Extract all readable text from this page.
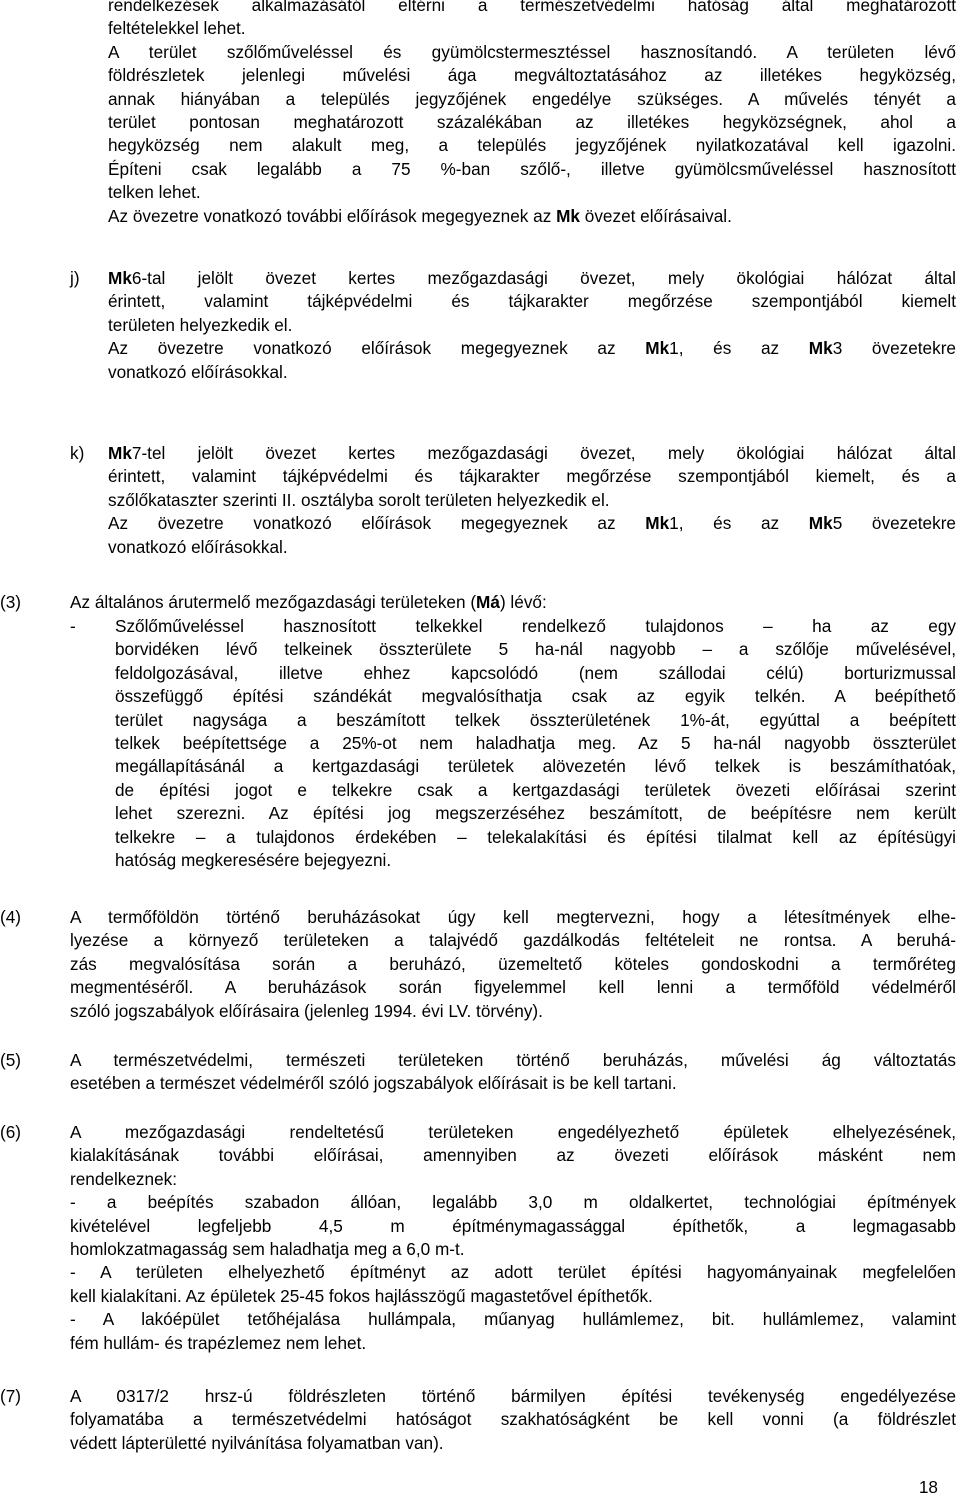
rendelkezések alkalmazásától eltérni a természetvédelmi hatóság által meghatározott
feltételekkel lehet.
A terület szőlőműveléssel és gyümölcstermesztéssel hasznosítandó. A területen lévő
földrészletek jelenlegi művelési ága megváltoztatásához az illetékes hegyközség,
annak hiányában a település jegyzőjének engedélye szükséges. A művelés tényét a
terület pontosan meghatározott százalékában az illetékes hegyközségnek, ahol a
hegyközség nem alakult meg, a település jegyzőjének nyilatkozatával kell igazolni.
Építeni csak legalább a 75 %-ban szőlő-, illetve gyümölcsműveléssel hasznosított
telken lehet.
Az övezetre vonatkozó további előírások megegyeznek az Mk övezet előírásaival.
j) Mk6-tal jelölt övezet kertes mezőgazdasági övezet, mely ökológiai hálózat által
érintett, valamint tájképvédelmi és tájkarakter megőrzése szempontjából kiemelt
területen helyezkedik el.
Az övezetre vonatkozó előírások megegyeznek az Mk1, és az Mk3 övezetekre
vonatkozó előírásokkal.
k) Mk7-tel jelölt övezet kertes mezőgazdasági övezet, mely ökológiai hálózat által
érintett, valamint tájképvédelmi és tájkarakter megőrzése szempontjából kiemelt, és a
szőlőkataszter szerinti II. osztályba sorolt területen helyezkedik el.
Az övezetre vonatkozó előírások megegyeznek az Mk1, és az Mk5 övezetekre
vonatkozó előírásokkal.
(3)	Az általános árutermelő mezőgazdasági területeken (Má) lévő:
- Szőlőműveléssel hasznosított telkekkel rendelkező tulajdonos – ha az egy
borvidéken lévő telkeinek összterülete 5 ha-nál nagyobb – a szőlője művelésével,
feldolgozásával, illetve ehhez kapcsolódó (nem szállodai célú) borturizmussal
összefüggő építési szándékát megvalósíthatja csak az egyik telkén. A beépíthető
terület nagysága a beszámított telkek összterületének 1%-át, egyúttal a beépített
telkek beépítettsége a 25%-ot nem haladhatja meg. Az 5 ha-nál nagyobb összterület
megállapításánál a kertgazdasági területek alövezetén lévő telkek is beszámíthatóak,
de építési jogot e telkekre csak a kertgazdasági területek övezeti előírásai szerint
lehet szerezni. Az építési jog megszerzéséhez beszámított, de beépítésre nem került
telkekre – a tulajdonos érdekében – telekalakítási és építési tilalmat kell az építésügyi
hatóság megkeresésére bejegyezni.
(4)	A termőföldön történő beruházásokat úgy kell megtervezni, hogy a létesítmények elhe-
lyezése a környező területeken a talajvédő gazdálkodás feltételeit ne rontsa. A beruhá-
zás megvalósítása során a beruházó, üzemeltető köteles gondoskodni a termőréteg
megmentéséről. A beruházások során figyelemmel kell lenni a termőföld védelméről
szóló jogszabályok előírásaira (jelenleg 1994. évi LV. törvény).
(5)	A természetvédelmi, természeti területeken történő beruházás, művelési ág változtatás
esetében a természet védelméről szóló jogszabályok előírásait is be kell tartani.
(6)	A mezőgazdasági rendeltetésű területeken engedélyezhető épületek elhelyezésének,
kialakításának további előírásai, amennyiben az övezeti előírások másként nem
rendelkeznek:
- a beépítés szabadon állóan, legalább 3,0 m oldalkertet, technológiai építmények
kivételével legfeljebb 4,5 m építménymagassággal építhetők, a legmagasabb
homlokzatmagasság sem haladhatja meg a 6,0 m-t.
- A területen elhelyezhető építményt az adott terület építési hagyományainak megfelelően
kell kialakítani. Az épületek 25-45 fokos hajlásszögű magastetővel építhetők.
- A lakóépület tetőhéjalása hullámpala, műanyag hullámlemez, bit. hullámlemez, valamint
fém hullám- és trapézlemez nem lehet.
(7)	A 0317/2 hrsz-ú földrészleten történő bármilyen építési tevékenység engedélyezése
folyamatába a természetvédelmi hatóságot szakhatóságként be kell vonni (a földrészlet
védett lápterületté nyilvánítása folyamatban van).
18
